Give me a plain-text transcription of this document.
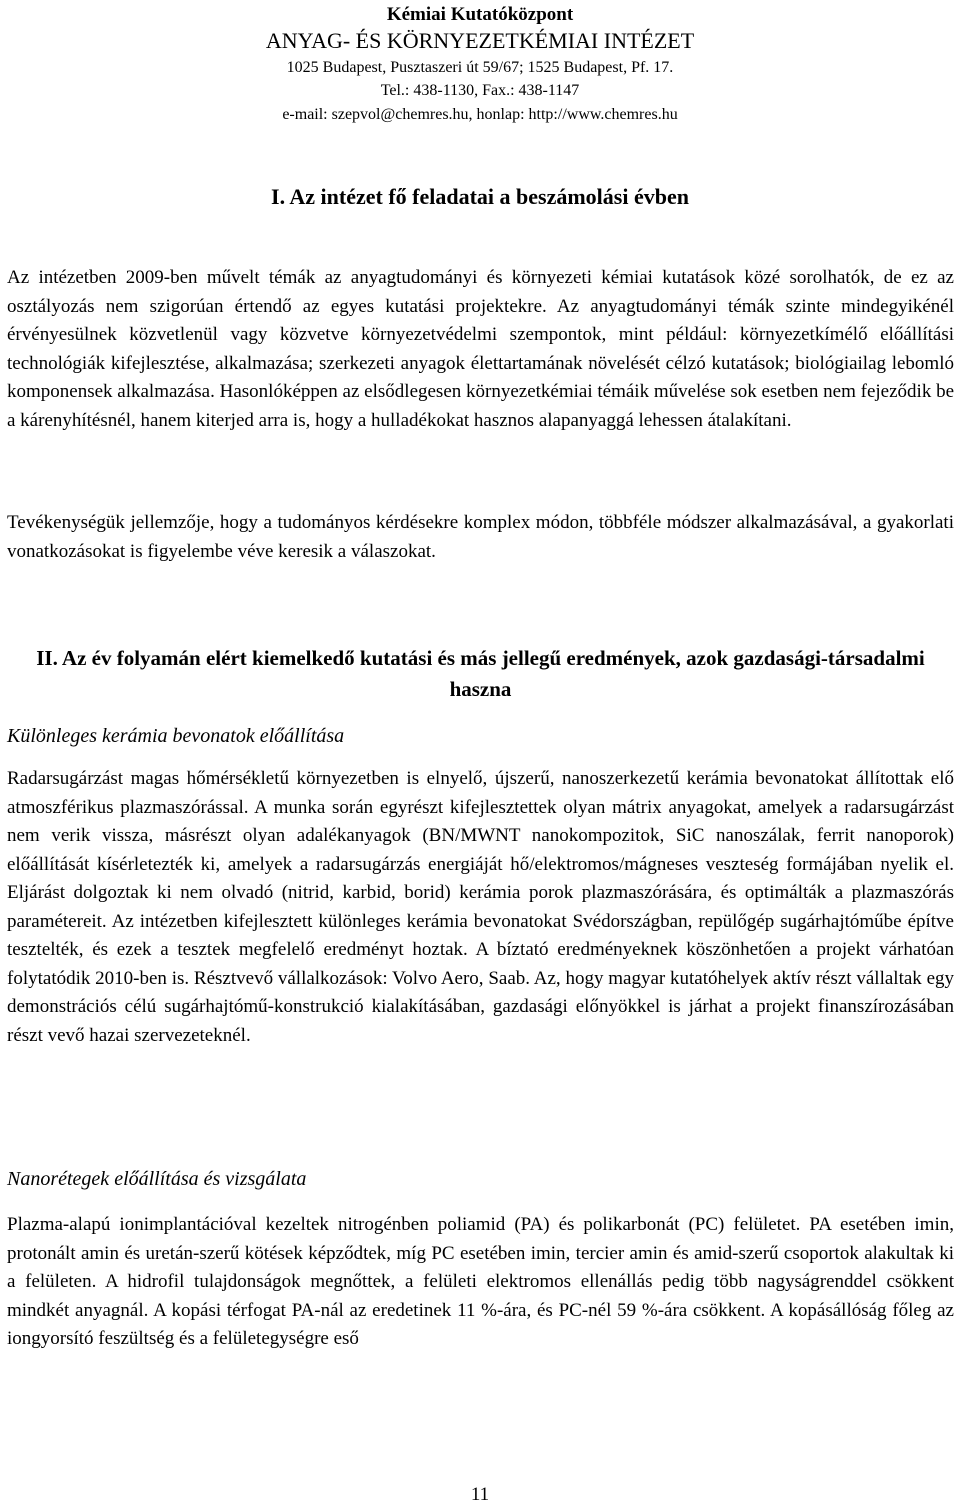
Kémiai Kutatóközpont
ANYAG- ÉS KÖRNYEZETKÉMIAI INTÉZET
1025 Budapest, Pusztaszeri út 59/67; 1525 Budapest, Pf. 17.
Tel.: 438-1130, Fax.: 438-1147
e-mail: szepvol@chemres.hu, honlap: http://www.chemres.hu
I. Az intézet fő feladatai a beszámolási évben

Az intézetben 2009-ben művelt témák az anyagtudományi és környezeti kémiai kutatások közé sorolhatók, de ez az osztályozás nem szigorúan értendő az egyes kutatási projektekre. Az anyagtudományi témák szinte mindegyikénél érvényesülnek közvetlenül vagy közvetve környezetvédelmi szempontok, mint például: környezetkímélő előállítási technológiák kifejlesztése, alkalmazása; szerkezeti anyagok élettartamának növelését célzó kutatások; biológiailag lebomló komponensek alkalmazása. Hasonlóképpen az elsődlegesen környezetkémiai témáik művelése sok esetben nem fejeződik be a kárenyhítésnél, hanem kiterjed arra is, hogy a hulladékokat hasznos alapanyaggá lehessen átalakítani.

Tevékenységük jellemzője, hogy a tudományos kérdésekre komplex módon, többféle módszer alkalmazásával, a gyakorlati vonatkozásokat is figyelembe véve keresik a válaszokat.

II. Az év folyamán elért kiemelkedő kutatási és más jellegű eredmények, azok gazdasági-társadalmi haszna

Különleges kerámia bevonatok előállítása

Radarsugárzást magas hőmérsékletű környezetben is elnyelő, újszerű, nanoszerkezetű kerámia bevonatokat állítottak elő atmoszférikus plazmaszórással. A munka során egyrészt kifejlesztettek olyan mátrix anyagokat, amelyek a radarsugárzást nem verik vissza, másrészt olyan adalékanyagok (BN/MWNT nanokompozitok, SiC nanoszálak, ferrit nanoporok) előállítását kísérletezték ki, amelyek a radarsugárzás energiáját hő/elektromos/mágneses veszteség formájában nyelik el. Eljárást dolgoztak ki nem olvadó (nitrid, karbid, borid) kerámia porok plazmaszórására, és optimálták a plazmaszórás paramétereit. Az intézetben kifejlesztett különleges kerámia bevonatokat Svédországban, repülőgép sugárhajtóműbe építve tesztelték, és ezek a tesztek megfelelő eredményt hoztak. A bíztató eredményeknek köszönhetően a projekt várhatóan folytatódik 2010-ben is. Résztvevő vállalkozások: Volvo Aero, Saab. Az, hogy magyar kutatóhelyek aktív részt vállaltak egy demonstrációs célú sugárhajtómű-konstrukció kialakításában, gazdasági előnyökkel is járhat a projekt finanszírozásában részt vevő hazai szervezeteknél.

Nanorétegek előállítása és vizsgálata

Plazma-alapú ionimplantációval kezeltek nitrogénben poliamid (PA) és polikarbonát (PC) felületet. PA esetében imin, protonált amin és uretán-szerű kötések képződtek, míg PC esetében imin, tercier amin és amid-szerű csoportok alakultak ki a felületen. A hidrofil tulajdonságok megnőttek, a felületi elektromos ellenállás pedig több nagyságrenddel csökkent mindkét anyagnál. A kopási térfogat PA-nál az eredetinek 11 %-ára, és PC-nél 59 %-ára csökkent. A kopásállóság főleg az iongyorsító feszültség és a felületegységre eső

11
